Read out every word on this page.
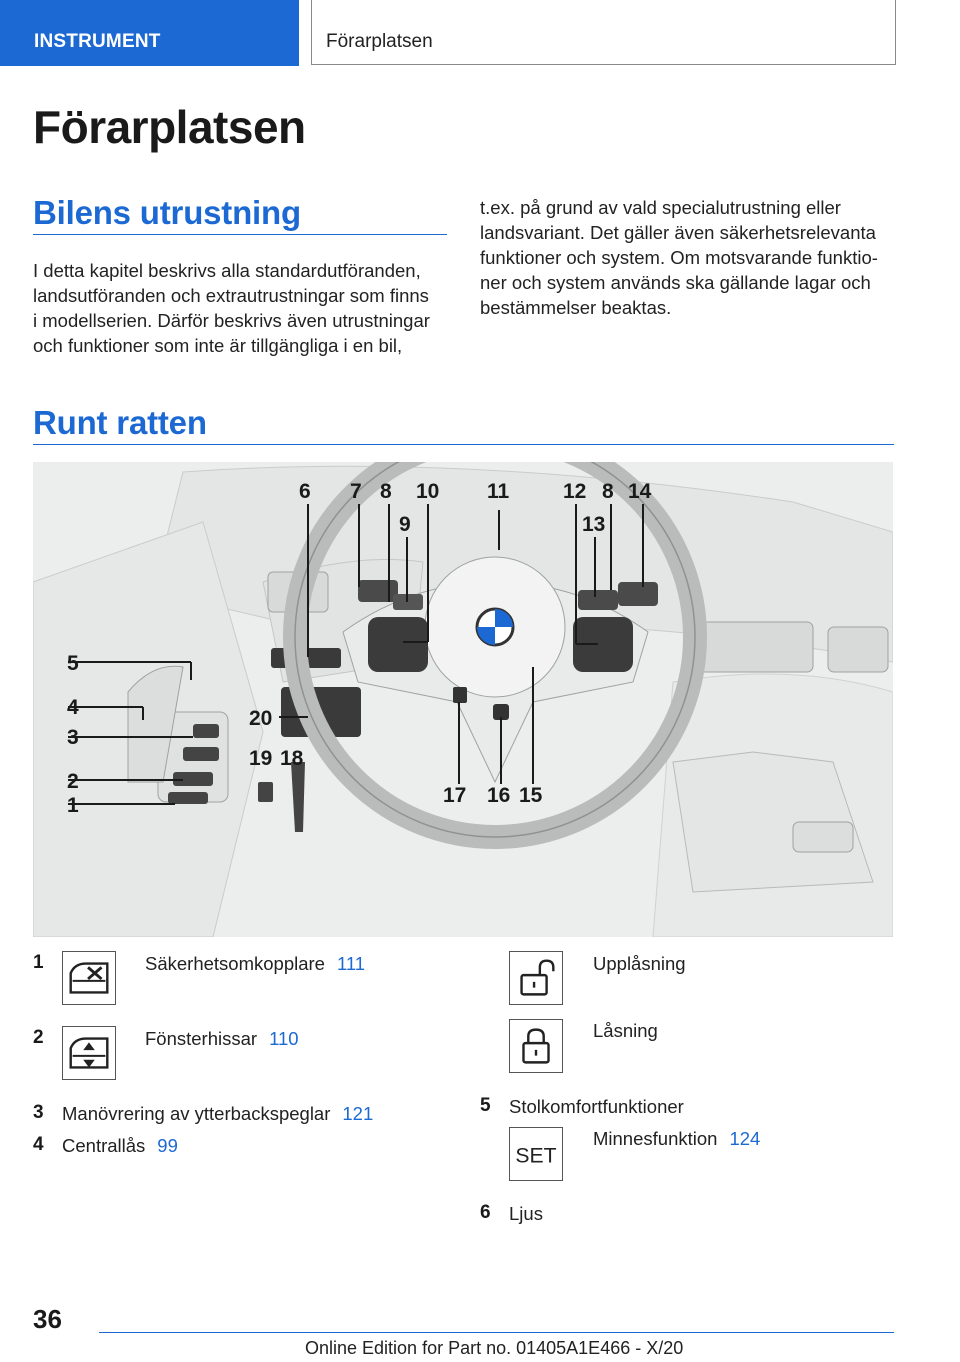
INSTRUMENT	Förarplatsen
Förarplatsen
Bilens utrustning
I detta kapitel beskrivs alla standardutföranden,
landsutföranden och extrautrustningar som finns
i modellserien. Därför beskrivs även utrustningar
och funktioner som inte är tillgängliga i en bil,
t.ex. på grund av vald specialutrustning eller
landsvariant. Det gäller även säkerhetsrelevanta
funktioner och system. Om motsvarande funktio-
ner och system används ska gällande lagar och
bestämmelser beaktas.
Runt ratten
6 7 8 10 11	12 8 14
9	13
5
4
3
2
1
20
19 18
17 16 15
1	Säkerhetsomkopplare 111
2	Fönsterhissar 110
3 Manövrering av ytterbackspeglar 121
4 Centrallås 99
Upplåsning
Låsning
5 Stolkomfortfunktioner
SET
Minnesfunktion 124
6 Ljus
36
Online Edition for Part no. 01405A1E466 - X/20
